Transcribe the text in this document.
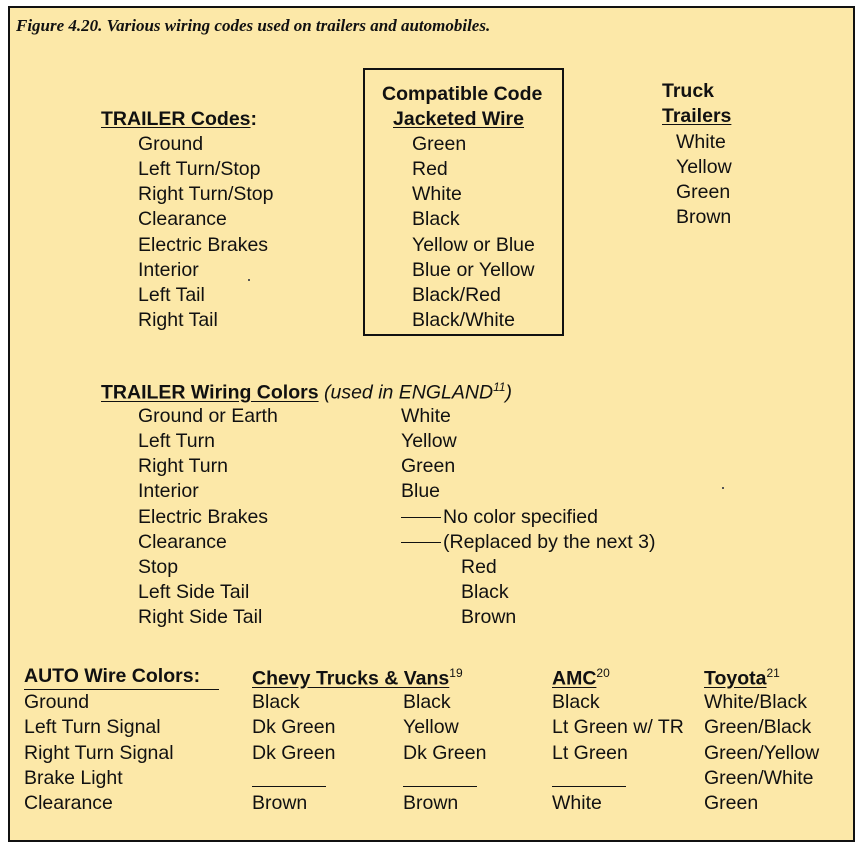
Figure 4.20. Various wiring codes used on trailers and automobiles.
TRAILER Codes:
Ground
Left Turn/Stop
Right Turn/Stop
Clearance
Electric Brakes
Interior
Left Tail
Right Tail
Compatible Code
Jacketed Wire
Green
Red
White
Black
Yellow or Blue
Blue or Yellow
Black/Red
Black/White
Truck
Trailers
White
Yellow
Green
Brown
TRAILER Wiring Colors (used in ENGLAND$^{11}$)
Ground or Earth
Left Turn
Right Turn
Interior
Electric Brakes
Clearance
Stop
Left Side Tail
Right Side Tail
White
Yellow
Green
Blue
No color specified
(Replaced by the next 3)
Red
Black
Brown
AUTO Wire Colors:
Ground
Left Turn Signal
Right Turn Signal
Brake Light
Clearance
Chevy Trucks & Vans$^{19}$
Black
Dk Green
Dk Green
Brown
Black
Yellow
Dk Green
Brown
AMC$^{20}$
Black
Lt Green w/ TR
Lt Green
White
Toyota$^{21}$
White/Black
Green/Black
Green/Yellow
Green/White
Green
